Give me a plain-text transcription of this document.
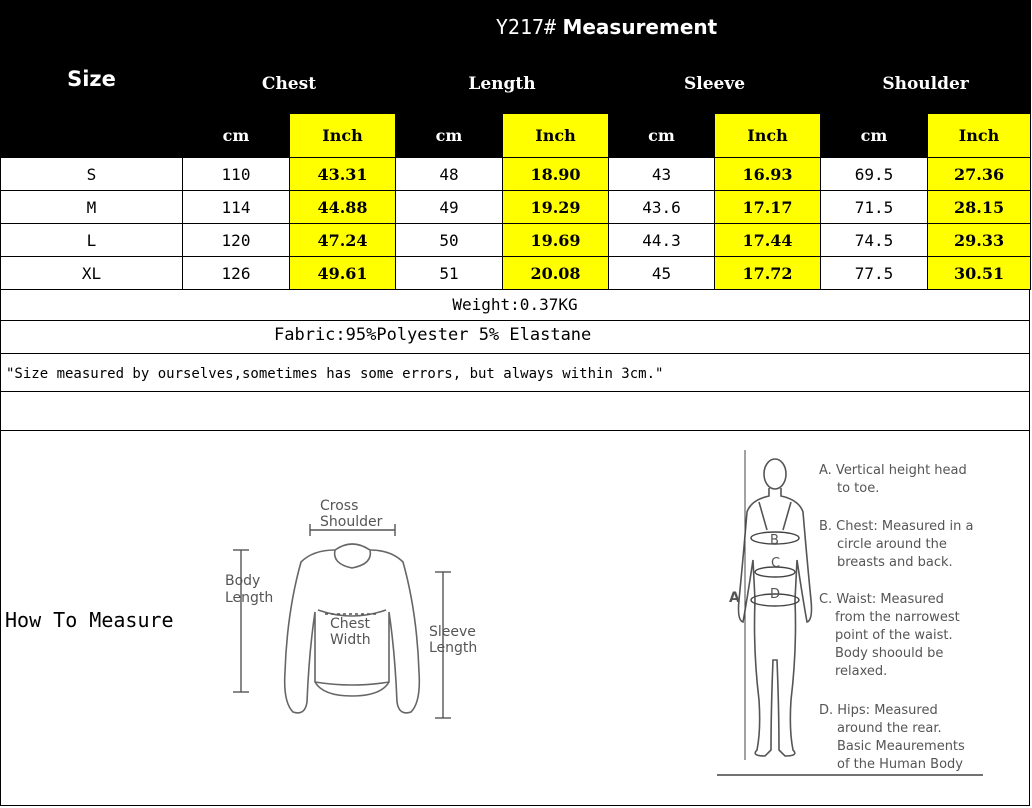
Size	Y217# Measurement							
	Chest		Length		Sleeve		Shoulder	
	cm	Inch	cm	Inch	cm	Inch	cm	Inch
S	110	43.31	48	18.90	43	16.93	69.5	27.36
M	114	44.88	49	19.29	43.6	17.17	71.5	28.15
L	120	47.24	50	19.69	44.3	17.44	74.5	29.33
XL	126	49.61	51	20.08	45	17.72	77.5	30.51
Weight:0.37KG
Fabric:95%Polyester 5% Elastane
"Size measured by ourselves,sometimes has some errors, but always within 3cm."
How To Measure
Cross
Shoulder
Body
Length
Chest
Width	Sleeve
Length
A
B
C
D
A. Vertical height head
to toe.
B. Chest: Measured in a
circle around the
breasts and back.
C. Waist: Measured
from the narrowest
point of the waist.
Body shoould be
relaxed.
D. Hips: Measured
around the rear.
Basic Meaurements
of the Human Body
